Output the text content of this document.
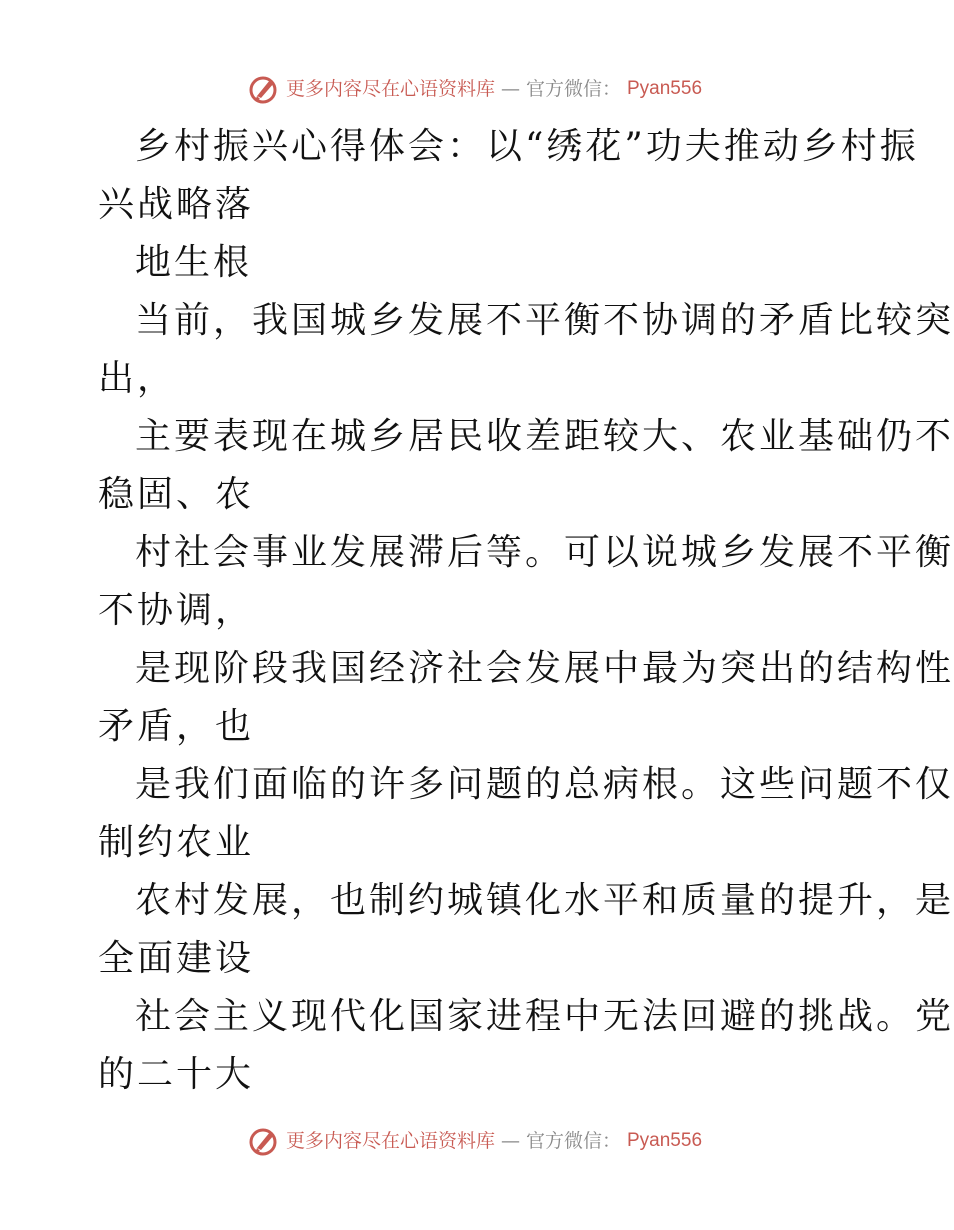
更多内容尽在心语资料库 — 官方微信： Pyan556
乡村振兴心得体会：以“绣花”功夫推动乡村振
兴战略落
地生根
当前，我国城乡发展不平衡不协调的矛盾比较突
出，
主要表现在城乡居民收差距较大、农业基础仍不
稳固、农
村社会事业发展滞后等。可以说城乡发展不平衡
不协调，
是现阶段我国经济社会发展中最为突出的结构性
矛盾，也
是我们面临的许多问题的总病根。这些问题不仅
制约农业
农村发展，也制约城镇化水平和质量的提升，是
全面建设
社会主义现代化国家进程中无法回避的挑战。党
的二十大
更多内容尽在心语资料库 — 官方微信： Pyan556
